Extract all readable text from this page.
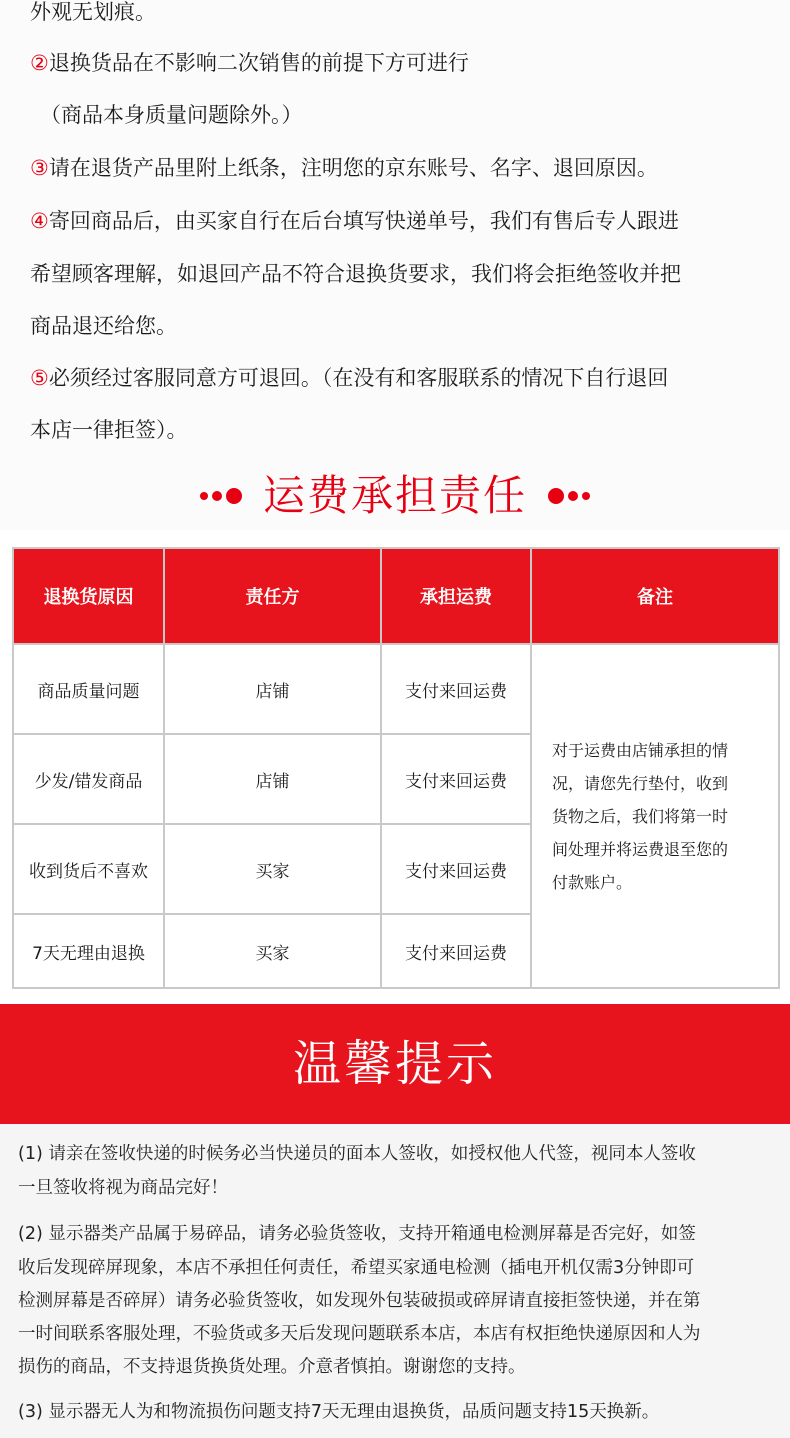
外观无划痕。
②退换货品在不影响二次销售的前提下方可进行
（商品本身质量问题除外。）
③请在退货产品里附上纸条，注明您的京东账号、名字、退回原因。
④寄回商品后，由买家自行在后台填写快递单号，我们有售后专人跟进
希望顾客理解，如退回产品不符合退换货要求，我们将会拒绝签收并把
商品退还给您。
⑤必须经过客服同意方可退回。（在没有和客服联系的情况下自行退回
本店一律拒签）。
运费承担责任
退换货原因	责任方	承担运费	备注
商品质量问题	店铺	支付来回运费	对于运费由店铺承担的情
况，请您先行垫付，收到
货物之后，我们将第一时
间处理并将运费退至您的
付款账户。

少发/错发商品	店铺	支付来回运费	
收到货后不喜欢	买家	支付来回运费	
7天无理由退换	买家	支付来回运费	
温馨提示
(1) 请亲在签收快递的时候务必当快递员的面本人签收，如授权他人代签，视同本人签收
一旦签收将视为商品完好！
(2) 显示器类产品属于易碎品，请务必验货签收，支持开箱通电检测屏幕是否完好，如签
收后发现碎屏现象，本店不承担任何责任，希望买家通电检测（插电开机仅需3分钟即可
检测屏幕是否碎屏）请务必验货签收，如发现外包装破损或碎屏请直接拒签快递，并在第
一时间联系客服处理，不验货或多天后发现问题联系本店，本店有权拒绝快递原因和人为
损伤的商品，不支持退货换货处理。介意者慎拍。谢谢您的支持。
(3) 显示器无人为和物流损伤问题支持7天无理由退换货，品质问题支持15天换新。
